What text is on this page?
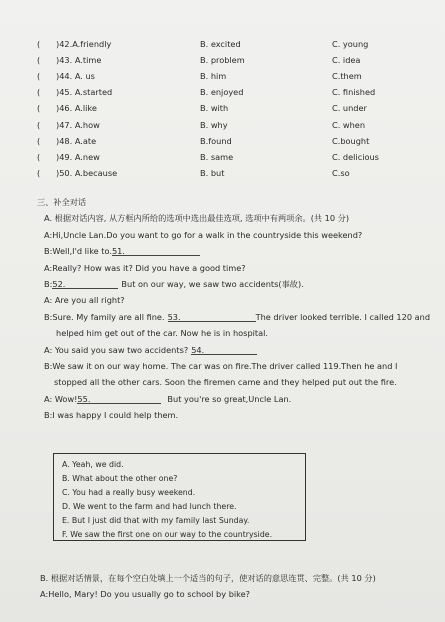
( )42.A.friendly	B. excited	C. young
( )43. A.time	B. problem	C. idea
( )44. A. us	B. him	C.them
( )45. A.started	B. enjoyed	C. finished
( )46. A.like	B. with	C. under
( )47. A.how	B. why	C. when
( )48. A.ate	B.found	C.bought
( )49. A.new	B. same	C. delicious
( )50. A.because	B. but	C.so
三、补全对话
A. 根据对话内容, 从方框内所给的选项中选出最佳选项, 选项中有两项余。(共 10 分)
A:Hi,Uncle Lan.Do you want to go for a walk in the countryside this weekend?
B:Well,I'd like to.51.
A:Really? How was it? Did you have a good time?
B:52.	But on our way, we saw two accidents(事故).
A: Are you all right?
B:Sure. My family are all fine. 53.	The driver looked terrible. I called 120 and
helped him get out of the car. Now he is in hospital.
A: You said you saw two accidents? 54.
B:We saw it on our way home. The car was on fire.The driver called 119.Then he and I
stopped all the other cars. Soon the firemen came and they helped put out the fire.
A: Wow!55.	But you're so great,Uncle Lan.
B:I was happy I could help them.
A. Yeah, we did.
B. What about the other one?
C. You had a really busy weekend.
D. We went to the farm and had lunch there.
E. But I just did that with my family last Sunday.
F. We saw the first one on our way to the countryside.
B. 根据对话情景，在每个空白处填上一个适当的句子，使对话的意思连贯、完整。(共 10 分)
A:Hello, Mary! Do you usually go to school by bike?
